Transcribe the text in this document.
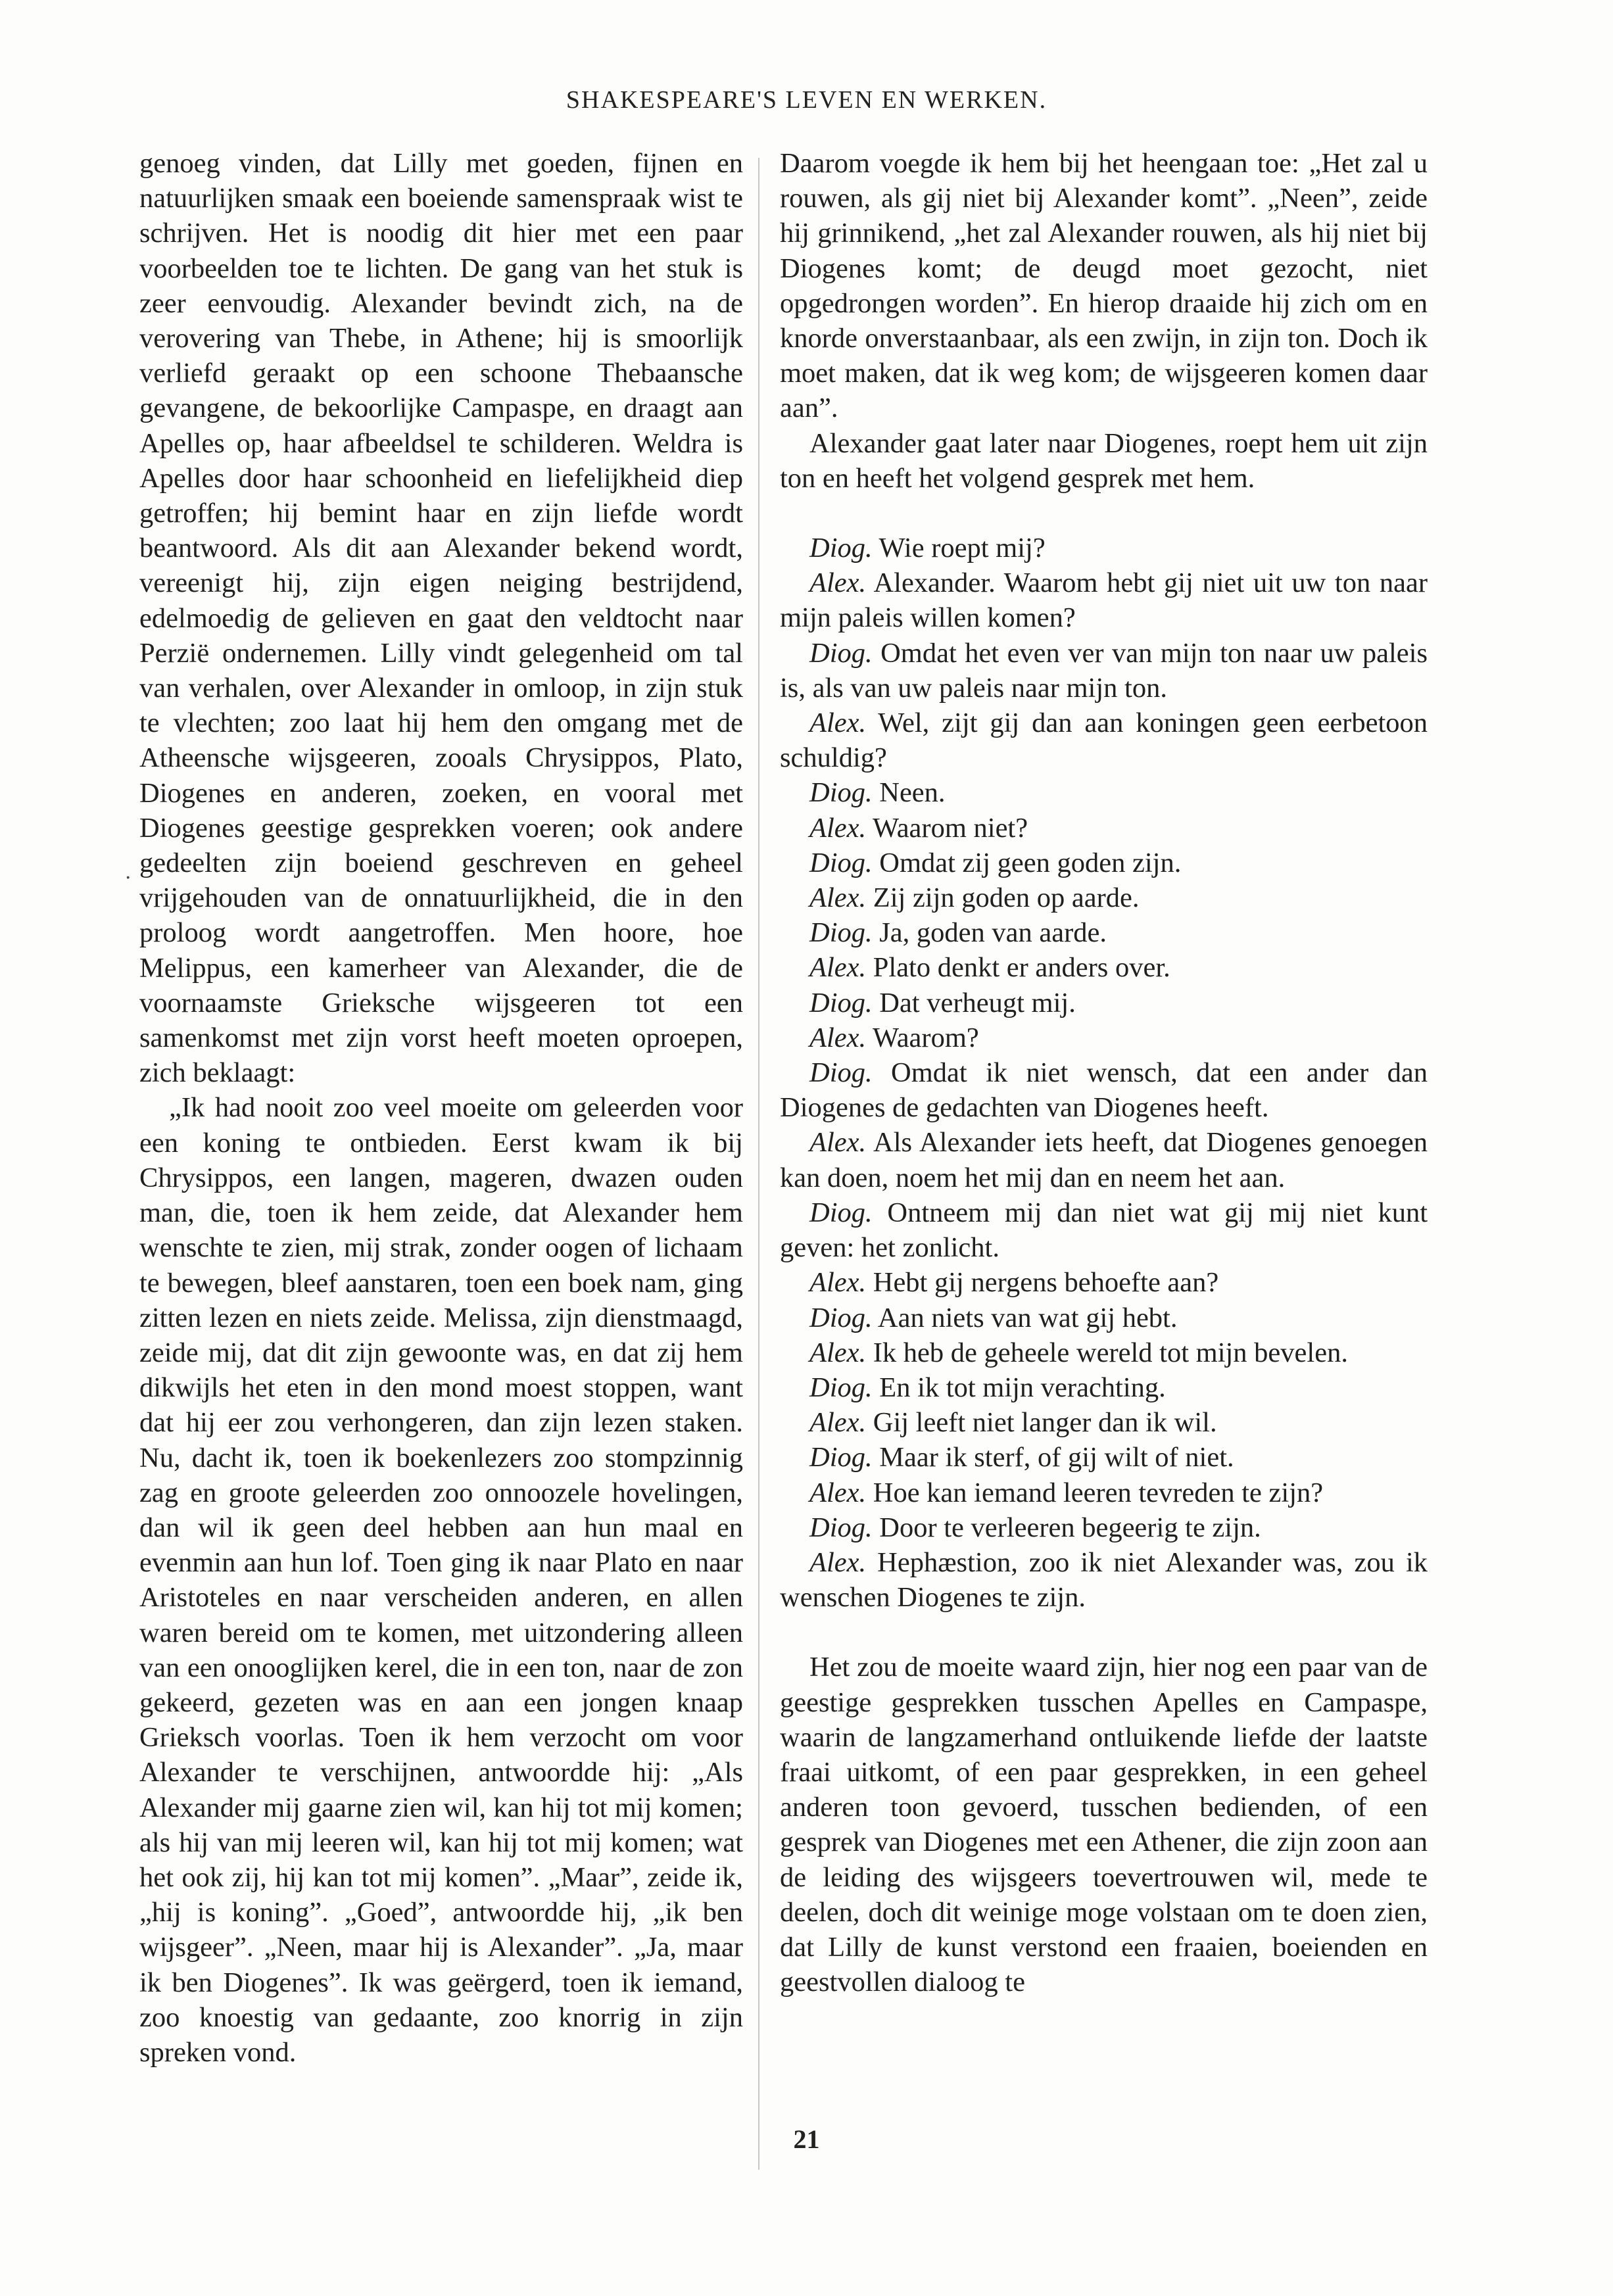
SHAKESPEARE'S LEVEN EN WERKEN.
·

genoeg vinden, dat Lilly met goeden, fijnen en natuurlijken smaak een boeiende samenspraak wist te schrijven. Het is noodig dit hier met een paar voorbeelden toe te lichten. De gang van het stuk is zeer eenvoudig. Alexander bevindt zich, na de verovering van Thebe, in Athene; hij is smoorlijk verliefd geraakt op een schoone Thebaansche gevangene, de bekoorlijke Campaspe, en draagt aan Apelles op, haar afbeeldsel te schilderen. Weldra is Apelles door haar schoonheid en liefelijkheid diep getroffen; hij bemint haar en zijn liefde wordt beantwoord. Als dit aan Alexander bekend wordt, vereenigt hij, zijn eigen neiging bestrijdend, edelmoedig de gelieven en gaat den veldtocht naar Perzië ondernemen. Lilly vindt gelegenheid om tal van verhalen, over Alexander in omloop, in zijn stuk te vlechten; zoo laat hij hem den omgang met de Atheensche wijsgeeren, zooals Chrysippos, Plato, Diogenes en anderen, zoeken, en vooral met Diogenes geestige gesprekken voeren; ook andere gedeelten zijn boeiend geschreven en geheel vrijgehouden van de onnatuurlijkheid, die in den proloog wordt aangetroffen. Men hoore, hoe Melippus, een kamerheer van Alexander, die de voornaamste Grieksche wijsgeeren tot een samenkomst met zijn vorst heeft moeten oproepen, zich beklaagt:

„Ik had nooit zoo veel moeite om geleerden voor een koning te ontbieden. Eerst kwam ik bij Chrysippos, een langen, mageren, dwazen ouden man, die, toen ik hem zeide, dat Alexander hem wenschte te zien, mij strak, zonder oogen of lichaam te bewegen, bleef aanstaren, toen een boek nam, ging zitten lezen en niets zeide. Melissa, zijn dienstmaagd, zeide mij, dat dit zijn gewoonte was, en dat zij hem dikwijls het eten in den mond moest stoppen, want dat hij eer zou verhongeren, dan zijn lezen staken. Nu, dacht ik, toen ik boekenlezers zoo stompzinnig zag en groote geleerden zoo onnoozele hovelingen, dan wil ik geen deel hebben aan hun maal en evenmin aan hun lof. Toen ging ik naar Plato en naar Aristoteles en naar verscheiden anderen, en allen waren bereid om te komen, met uitzondering alleen van een onooglijken kerel, die in een ton, naar de zon gekeerd, gezeten was en aan een jongen knaap Grieksch voorlas. Toen ik hem verzocht om voor Alexander te verschijnen, antwoordde hij: „Als Alexander mij gaarne zien wil, kan hij tot mij komen; als hij van mij leeren wil, kan hij tot mij komen; wat het ook zij, hij kan tot mij komen”. „Maar”, zeide ik, „hij is koning”. „Goed”, antwoordde hij, „ik ben wijsgeer”. „Neen, maar hij is Alexander”. „Ja, maar ik ben Diogenes”. Ik was geërgerd, toen ik iemand, zoo knoestig van gedaante, zoo knorrig in zijn spreken vond.

Daarom voegde ik hem bij het heengaan toe: „Het zal u rouwen, als gij niet bij Alexander komt”. „Neen”, zeide hij grinnikend, „het zal Alexander rouwen, als hij niet bij Diogenes komt; de deugd moet gezocht, niet opgedrongen worden”. En hierop draaide hij zich om en knorde onverstaanbaar, als een zwijn, in zijn ton. Doch ik moet maken, dat ik weg kom; de wijsgeeren komen daar aan”.

Alexander gaat later naar Diogenes, roept hem uit zijn ton en heeft het volgend gesprek met hem.

Diog. Wie roept mij?

Alex. Alexander. Waarom hebt gij niet uit uw ton naar mijn paleis willen komen?

Diog. Omdat het even ver van mijn ton naar uw paleis is, als van uw paleis naar mijn ton.

Alex. Wel, zijt gij dan aan koningen geen eerbetoon schuldig?

Diog. Neen.

Alex. Waarom niet?

Diog. Omdat zij geen goden zijn.

Alex. Zij zijn goden op aarde.

Diog. Ja, goden van aarde.

Alex. Plato denkt er anders over.

Diog. Dat verheugt mij.

Alex. Waarom?

Diog. Omdat ik niet wensch, dat een ander dan Diogenes de gedachten van Diogenes heeft.

Alex. Als Alexander iets heeft, dat Diogenes genoegen kan doen, noem het mij dan en neem het aan.

Diog. Ontneem mij dan niet wat gij mij niet kunt geven: het zonlicht.

Alex. Hebt gij nergens behoefte aan?

Diog. Aan niets van wat gij hebt.

Alex. Ik heb de geheele wereld tot mijn bevelen.

Diog. En ik tot mijn verachting.

Alex. Gij leeft niet langer dan ik wil.

Diog. Maar ik sterf, of gij wilt of niet.

Alex. Hoe kan iemand leeren tevreden te zijn?

Diog. Door te verleeren begeerig te zijn.

Alex. Hephæstion, zoo ik niet Alexander was, zou ik wenschen Diogenes te zijn.

Het zou de moeite waard zijn, hier nog een paar van de geestige gesprekken tusschen Apelles en Campaspe, waarin de langzamerhand ontluikende liefde der laatste fraai uitkomt, of een paar gesprekken, in een geheel anderen toon gevoerd, tusschen bedienden, of een gesprek van Diogenes met een Athener, die zijn zoon aan de leiding des wijsgeers toevertrouwen wil, mede te deelen, doch dit weinige moge volstaan om te doen zien, dat Lilly de kunst verstond een fraaien, boeienden en geestvollen dialoog te

21
